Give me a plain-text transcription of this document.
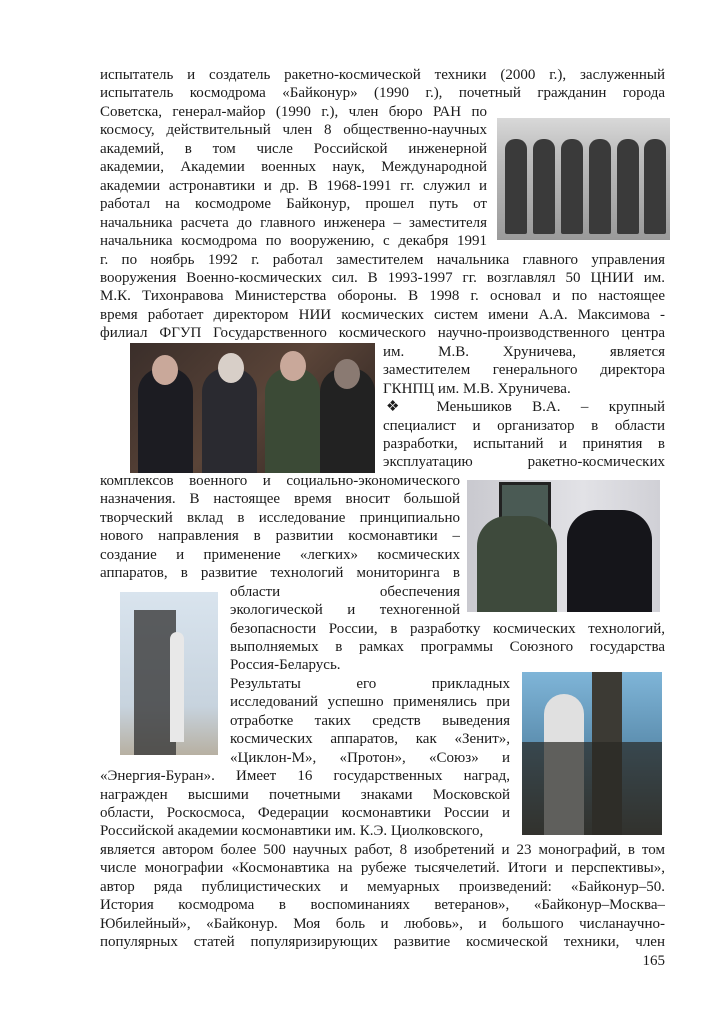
испытатель и создатель ракетно-космической техники (2000 г.), заслуженный
испытатель космодрома «Байконур» (1990 г.), почетный гражданин города
Советска, генерал-майор (1990 г.), член бюро РАН по
космосу, действительный член 8 общественно-научных
академий, в том числе Российской инженерной
академии, Академии военных наук, Международной
академии астронавтики и др. В 1968-1991 гг. служил и
работал на космодроме Байконур, прошел путь от
начальника расчета до главного инженера – заместителя
начальника космодрома по вооружению, с декабря 1991
г. по ноябрь 1992 г. работал заместителем начальника главного управления
вооружения Военно-космических сил. В 1993-1997 гг. возглавлял 50 ЦНИИ им.
М.К. Тихонравова Министерства обороны. В 1998 г. основал и по настоящее
время работает директором НИИ космических систем имени А.А. Максимова -
филиал ФГУП Государственного космического научно-производственного центра
им. М.В. Хруничева, является
заместителем генерального директора
ГКНПЦ им. М.В. Хруничева.
❖ Меньшиков В.А. – крупный
специалист и организатор в области
разработки, испытаний и принятия в
эксплуатацию ракетно-космических
комплексов военного и социально-экономического
назначения. В настоящее время вносит большой
творческий вклад в исследование принципиально
нового направления в развитии космонавтики –
создание и применение «легких» космических
аппаратов, в развитие технологий мониторинга в
области обеспечения
экологической и техногенной
безопасности России, в разработку космических технологий,
выполняемых в рамках программы Союзного государства
Россия-Беларусь.
Результаты его прикладных
исследований успешно применялись при
отработке таких средств выведения
космических аппаратов, как «Зенит»,
«Циклон-М», «Протон», «Союз» и
«Энергия-Буран». Имеет 16 государственных наград,
награжден высшими почетными знаками Московской
области, Роскосмоса, Федерации космонавтики России и
Российской академии космонавтики им. К.Э. Циолковского,
является автором более 500 научных работ, 8 изобретений и 23 монографий, в том
числе монографии «Космонавтика на рубеже тысячелетий. Итоги и перспективы»,
автор ряда публицистических и мемуарных произведений: «Байконур–50.
История космодрома в воспоминаниях ветеранов», «Байконур–Москва–
Юбилейный», «Байконур. Моя боль и любовь», и большого числанаучно-
популярных статей популяризирующих развитие космической техники, член
165
